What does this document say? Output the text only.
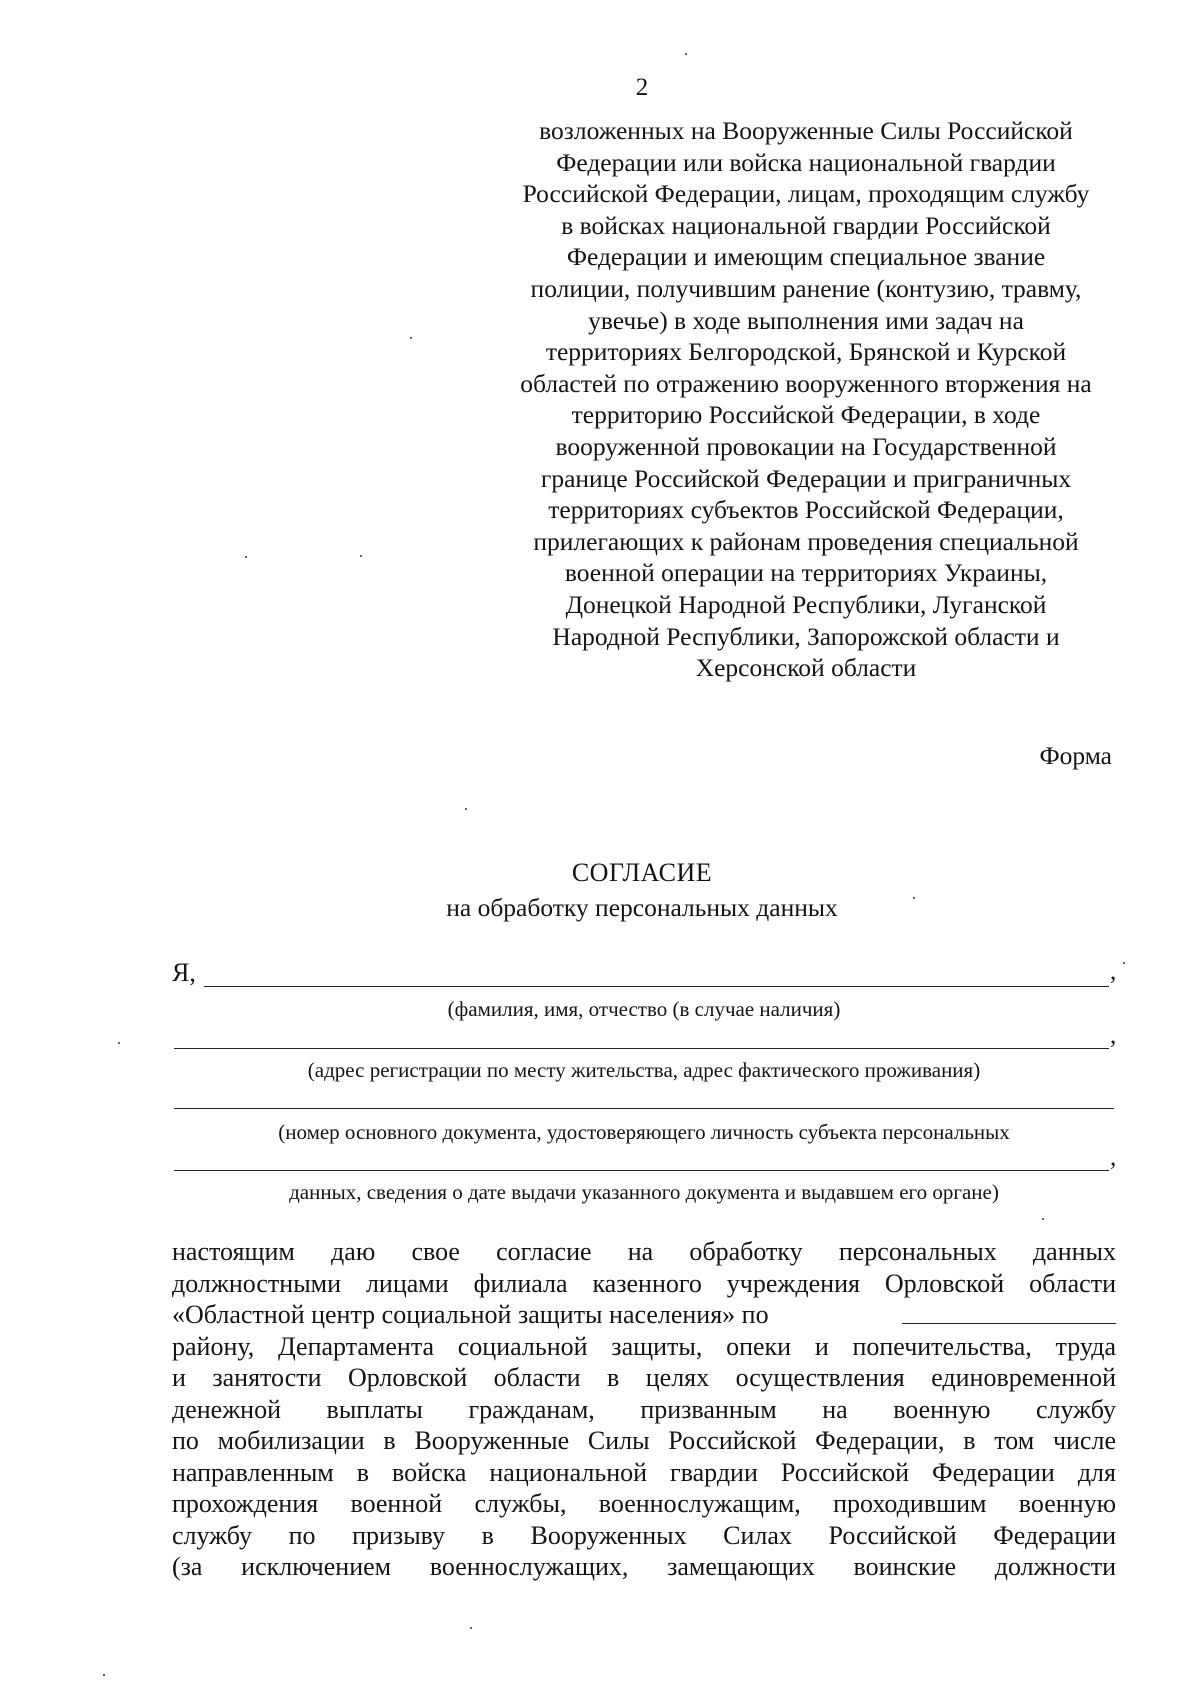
2
возложенных на Вооруженные Силы Российской
Федерации или войска национальной гвардии
Российской Федерации, лицам, проходящим службу
в войсках национальной гвардии Российской
Федерации и имеющим специальное звание
полиции, получившим ранение (контузию, травму,
увечье) в ходе выполнения ими задач на
территориях Белгородской, Брянской и Курской
областей по отражению вооруженного вторжения на
территорию Российской Федерации, в ходе
вооруженной провокации на Государственной
границе Российской Федерации и приграничных
территориях субъектов Российской Федерации,
прилегающих к районам проведения специальной
военной операции на территориях Украины,
Донецкой Народной Республики, Луганской
Народной Республики, Запорожской области и
Херсонской области
Форма
СОГЛАСИЕ
на обработку персональных данных
Я,	,
(фамилия, имя, отчество (в случае наличия)
,
(адрес регистрации по месту жительства, адрес фактического проживания)
(номер основного документа, удостоверяющего личность субъекта персональных
,
данных, сведения о дате выдачи указанного документа и выдавшем его органе)
настоящим даю свое согласие на обработку персональных данных
должностными лицами филиала казенного учреждения Орловской области
«Областной центр социальной защиты населения» по
району, Департамента социальной защиты, опеки и попечительства, труда
и занятости Орловской области в целях осуществления единовременной
денежной выплаты гражданам, призванным на военную службу
по мобилизации в Вооруженные Силы Российской Федерации, в том числе
направленным в войска национальной гвардии Российской Федерации для
прохождения военной службы, военнослужащим, проходившим военную
службу по призыву в Вооруженных Силах Российской Федерации
(за исключением военнослужащих, замещающих воинские должности
